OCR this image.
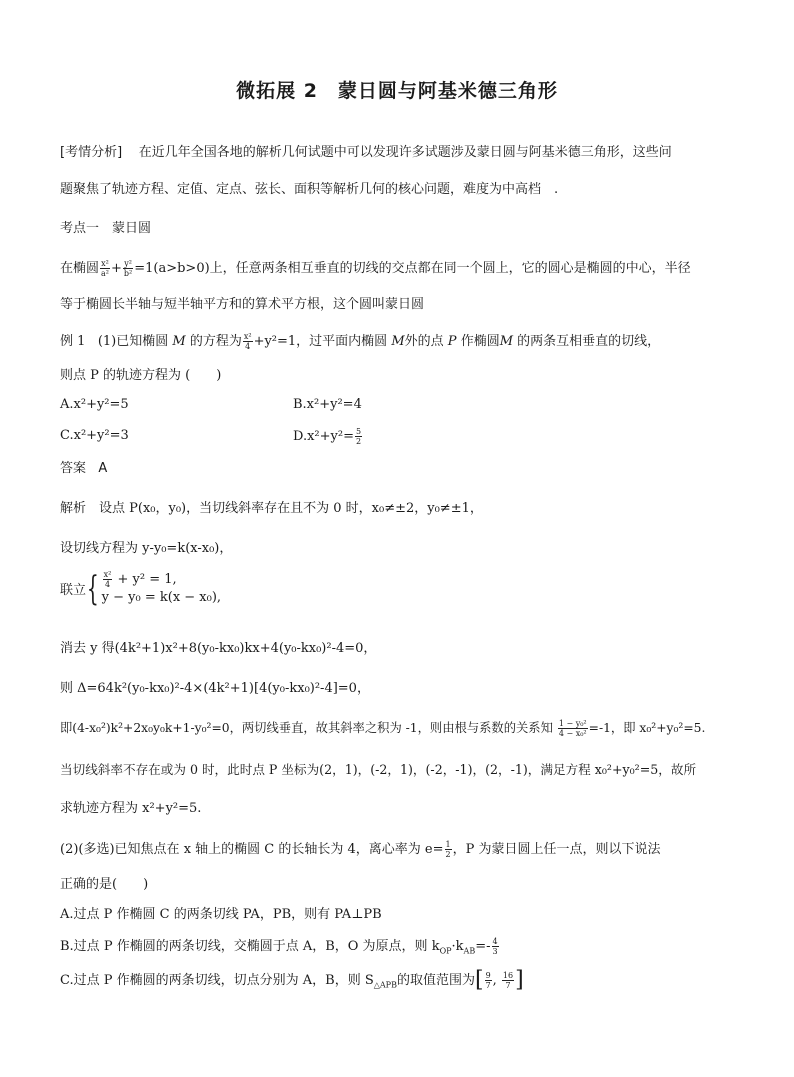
微拓展 2　蒙日圆与阿基米德三角形
[考情分析] 在近几年全国各地的解析几何试题中可以发现许多试题涉及蒙日圆与阿基米德三角形，这些问
题聚焦了轨迹方程、定值、定点、弦长、面积等解析几何的核心问题，难度为中高档　.
考点一　蒙日圆
在椭圆 $\frac{\text{x²}}{\text{a²}} + \frac{\text{y²}}{\text{b²}} =1(a>b>0)$上，任意两条相互垂直的切线的交点都在同一个圆上，它的圆心是椭圆的中心，半径
等于椭圆长半轴与短半轴平方和的算术平方根，这个圆叫蒙日圆
例 1 (1)已知椭圆 M 的方程为 $\frac{\text{x²}}{4} +y^2=1$，过平面内椭圆 M外的点 P 作椭圆M 的两条互相垂直的切线，
则点 P 的轨迹方程为 (　　)
A.x²+y²=5	B.x²+y²=4
C.x²+y²=3	$D.x^2+y^2= \frac{5}{2}$
答案 A
解析　设点 P(x₀，y₀)，当切线斜率存在且不为 0 时，x₀≠±2，y₀≠±1，
设切线方程为 y-y₀=k(x-x₀)，
联立 { $\frac{\text{x²}}{4} + y^2 = 1$,
y − y₀ = k(x − x₀),
消去 y 得(4k²+1)x²+8(y₀-kx₀)kx+4(y₀-kx₀)²-4=0，
则 Δ=64k²(y₀-kx₀)²-4×(4k²+1)[4(y₀-kx₀)²-4]=0，
即(4-x₀²)k²+2x₀y₀k+1-y₀²=0，两切线垂直，故其斜率之积为 -1，则由根与系数的关系知 $\frac{\text{1 − y₀²}}{\text{4 − x₀²}} =-1$，即 x₀²+y₀²=5.
当切线斜率不存在或为 0 时，此时点 P 坐标为(2，1)，(-2，1)，(-2，-1)，(2，-1)，满足方程 x₀²+y₀²=5，故所
求轨迹方程为 x²+y²=5.
(2)(多选)已知焦点在 x 轴上的椭圆 C 的长轴长为 4，离心率为 $e= \frac{1}{2}$ ，P 为蒙日圆上任一点，则以下说法
正确的是(　　)
A.过点 P 作椭圆 C 的两条切线 PA，PB，则有 PA⊥PB
B.过点 P 作椭圆的两条切线，交椭圆于点 A，B，O 为原点，则 $k_{OP}\cdot k_{AB}=- \frac{4}{3}$
C.过点 P 作椭圆的两条切线，切点分别为 A，B，则 $S_{\triangle APB}$的取值范围为[ $\frac{9}{7}$ , $\frac{16}{7}$ ]
